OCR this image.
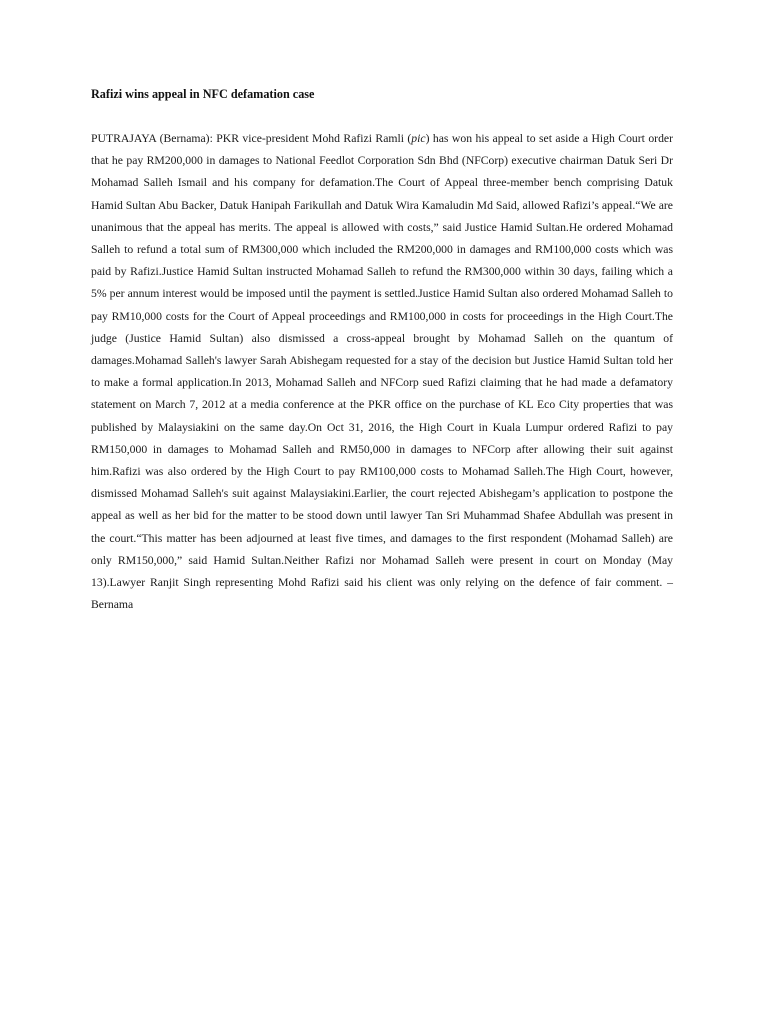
Rafizi wins appeal in NFC defamation case

PUTRAJAYA (Bernama): PKR vice-president Mohd Rafizi Ramli (pic) has won his appeal to set aside a High Court order that he pay RM200,000 in damages to National Feedlot Corporation Sdn Bhd (NFCorp) executive chairman Datuk Seri Dr Mohamad Salleh Ismail and his company for defamation.The Court of Appeal three-member bench comprising Datuk Hamid Sultan Abu Backer, Datuk Hanipah Farikullah and Datuk Wira Kamaludin Md Said, allowed Rafizi’s appeal.“We are unanimous that the appeal has merits. The appeal is allowed with costs,” said Justice Hamid Sultan.He ordered Mohamad Salleh to refund a total sum of RM300,000 which included the RM200,000 in damages and RM100,000 costs which was paid by Rafizi.Justice Hamid Sultan instructed Mohamad Salleh to refund the RM300,000 within 30 days, failing which a 5% per annum interest would be imposed until the payment is settled.Justice Hamid Sultan also ordered Mohamad Salleh to pay RM10,000 costs for the Court of Appeal proceedings and RM100,000 in costs for proceedings in the High Court.The judge (Justice Hamid Sultan) also dismissed a cross-appeal brought by Mohamad Salleh on the quantum of damages.Mohamad Salleh's lawyer Sarah Abishegam requested for a stay of the decision but Justice Hamid Sultan told her to make a formal application.In 2013, Mohamad Salleh and NFCorp sued Rafizi claiming that he had made a defamatory statement on March 7, 2012 at a media conference at the PKR office on the purchase of KL Eco City properties that was published by Malaysiakini on the same day.On Oct 31, 2016, the High Court in Kuala Lumpur ordered Rafizi to pay RM150,000 in damages to Mohamad Salleh and RM50,000 in damages to NFCorp after allowing their suit against him.Rafizi was also ordered by the High Court to pay RM100,000 costs to Mohamad Salleh.The High Court, however, dismissed Mohamad Salleh's suit against Malaysiakini.Earlier, the court rejected Abishegam’s application to postpone the appeal as well as her bid for the matter to be stood down until lawyer Tan Sri Muhammad Shafee Abdullah was present in the court.“This matter has been adjourned at least five times, and damages to the first respondent (Mohamad Salleh) are only RM150,000,” said Hamid Sultan.Neither Rafizi nor Mohamad Salleh were present in court on Monday (May 13).Lawyer Ranjit Singh representing Mohd Rafizi said his client was only relying on the defence of fair comment. – Bernama
